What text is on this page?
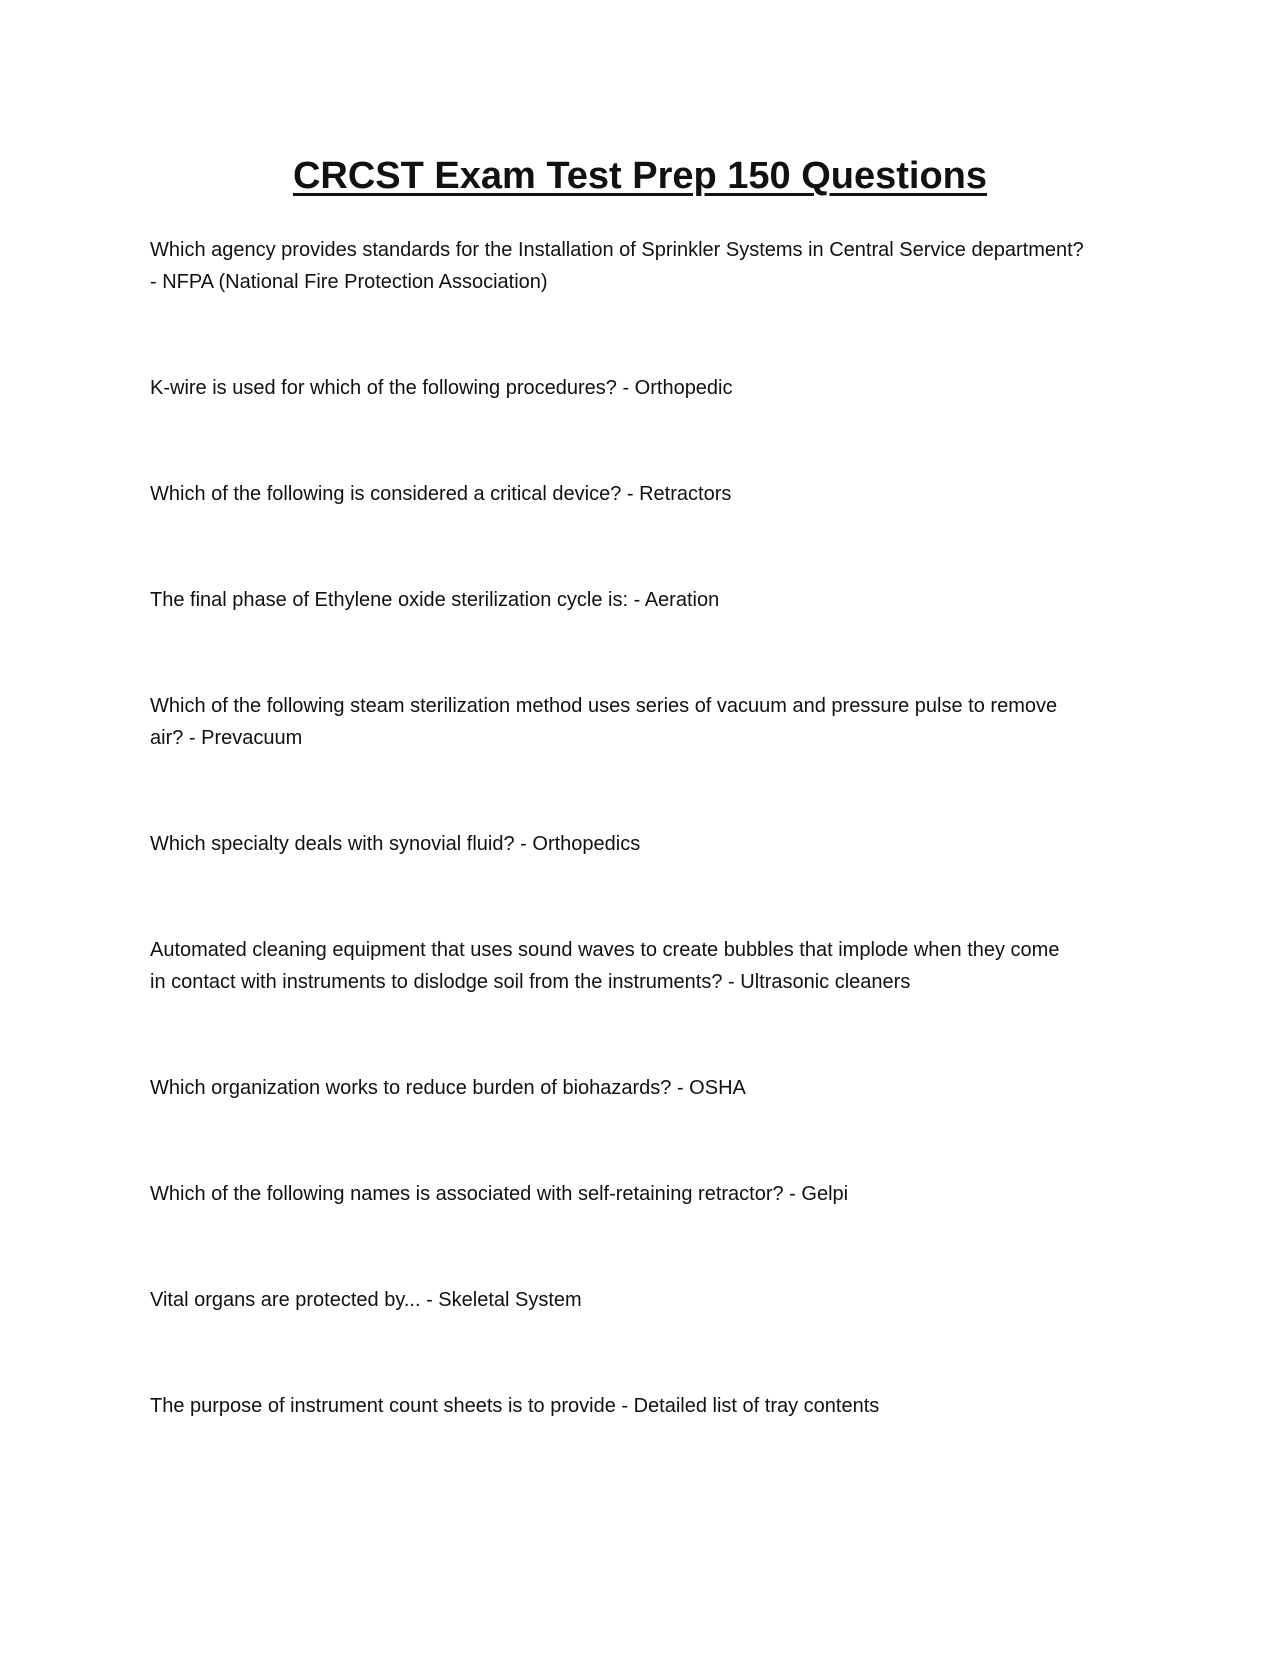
CRCST Exam Test Prep 150 Questions
Which agency provides standards for the Installation of Sprinkler Systems in Central Service department?
- NFPA (National Fire Protection Association)
K-wire is used for which of the following procedures? - Orthopedic
Which of the following is considered a critical device? - Retractors
The final phase of Ethylene oxide sterilization cycle is: - Aeration
Which of the following steam sterilization method uses series of vacuum and pressure pulse to remove
air? - Prevacuum
Which specialty deals with synovial fluid? - Orthopedics
Automated cleaning equipment that uses sound waves to create bubbles that implode when they come
in contact with instruments to dislodge soil from the instruments? - Ultrasonic cleaners
Which organization works to reduce burden of biohazards? - OSHA
Which of the following names is associated with self-retaining retractor? - Gelpi
Vital organs are protected by... - Skeletal System
The purpose of instrument count sheets is to provide - Detailed list of tray contents
